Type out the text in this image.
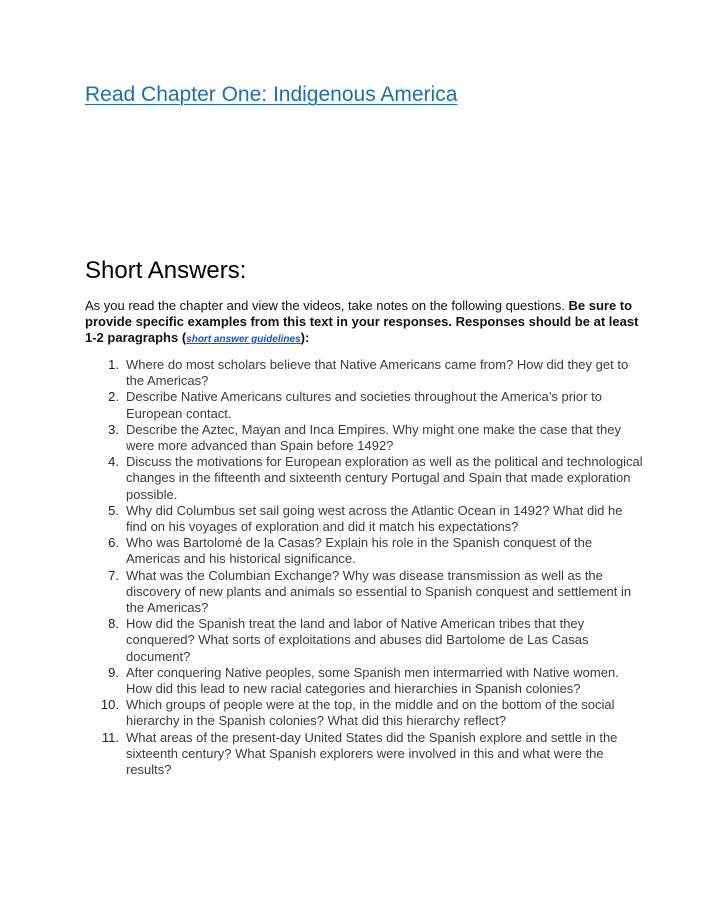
Read Chapter One: Indigenous America
Short Answers:

As you read the chapter and view the videos, take notes on the following questions. Be sure to provide specific examples from this text in your responses. Responses should be at least 1-2 paragraphs (short answer guidelines):

1. Where do most scholars believe that Native Americans came from? How did they get to the Americas?
2. Describe Native Americans cultures and societies throughout the America’s prior to European contact.
3. Describe the Aztec, Mayan and Inca Empires. Why might one make the case that they were more advanced than Spain before 1492?
4. Discuss the motivations for European exploration as well as the political and technological changes in the fifteenth and sixteenth century Portugal and Spain that made exploration possible.
5. Why did Columbus set sail going west across the Atlantic Ocean in 1492? What did he find on his voyages of exploration and did it match his expectations?
6. Who was Bartolomé de la Casas? Explain his role in the Spanish conquest of the Americas and his historical significance.
7. What was the Columbian Exchange? Why was disease transmission as well as the discovery of new plants and animals so essential to Spanish conquest and settlement in the Americas?
8. How did the Spanish treat the land and labor of Native American tribes that they conquered? What sorts of exploitations and abuses did Bartolome de Las Casas document?
9. After conquering Native peoples, some Spanish men intermarried with Native women. How did this lead to new racial categories and hierarchies in Spanish colonies?
10. Which groups of people were at the top, in the middle and on the bottom of the social hierarchy in the Spanish colonies? What did this hierarchy reflect?
11. What areas of the present-day United States did the Spanish explore and settle in the sixteenth century? What Spanish explorers were involved in this and what were the results?
